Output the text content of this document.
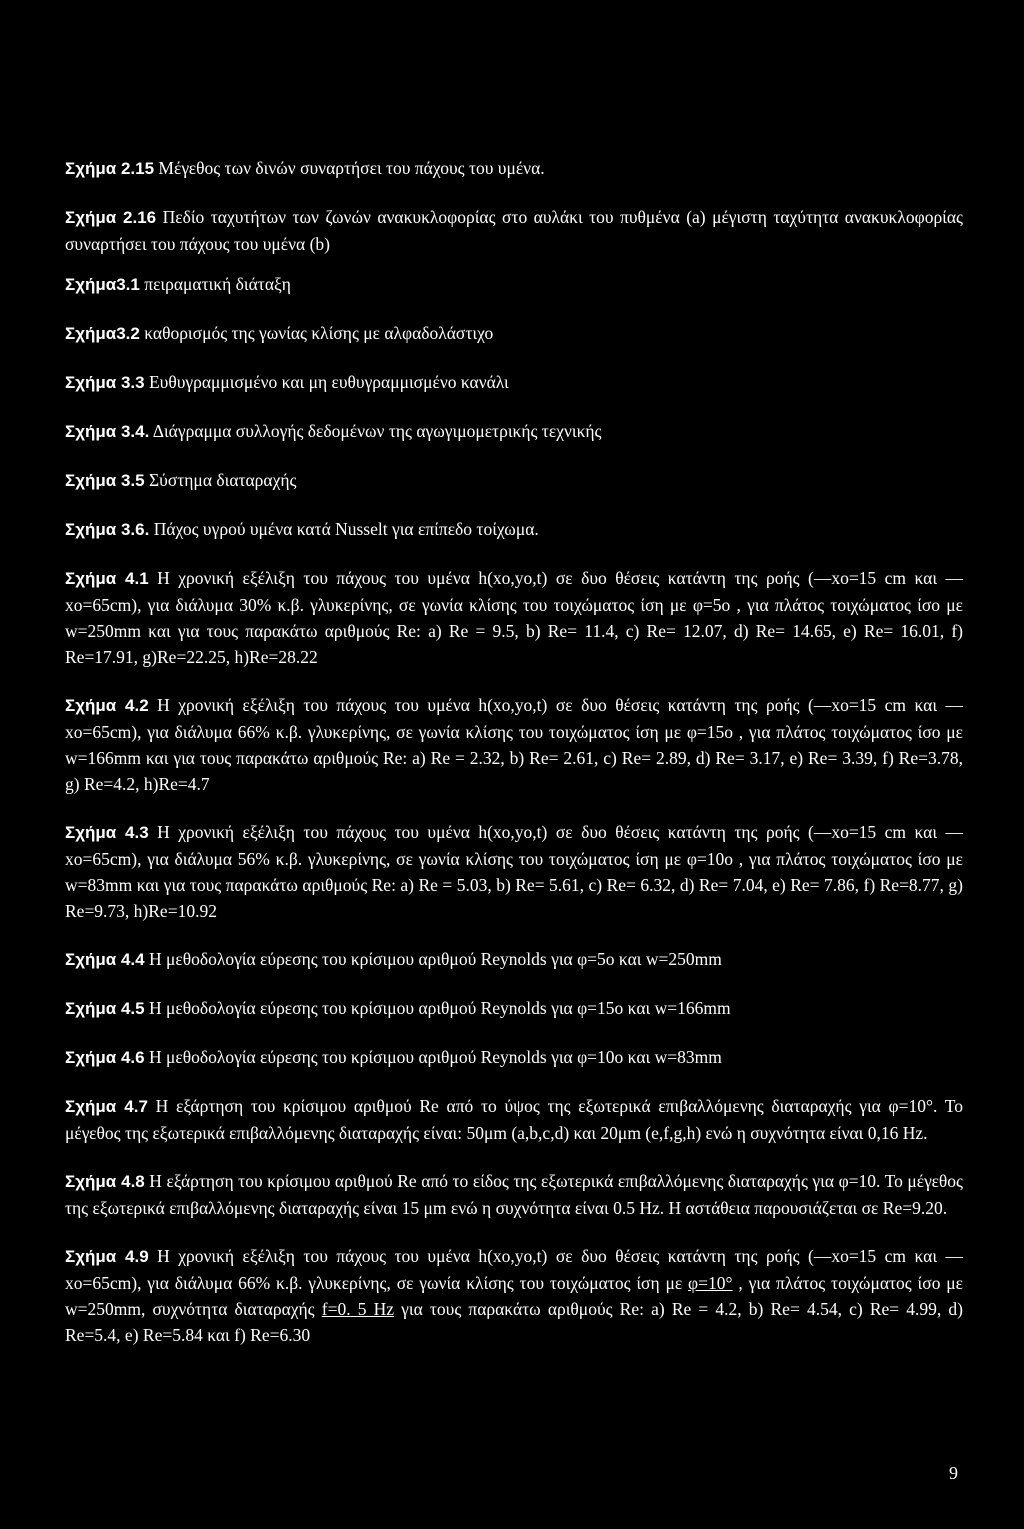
Σχήμα 2.15 Μέγεθος των δινών συναρτήσει του πάχους του υμένα.

Σχήμα 2.16 Πεδίο ταχυτήτων των ζωνών ανακυκλοφορίας στο αυλάκι του πυθμένα (a) μέγιστη ταχύτητα ανακυκλοφορίας συναρτήσει του πάχους του υμένα (b)

Σχήμα3.1 πειραματική διάταξη

Σχήμα3.2 καθορισμός της γωνίας κλίσης με αλφαδολάστιχο

Σχήμα 3.3 Ευθυγραμμισμένο και μη ευθυγραμμισμένο κανάλι

Σχήμα 3.4. Διάγραμμα συλλογής δεδομένων της αγωγιμομετρικής τεχνικής

Σχήμα 3.5 Σύστημα διαταραχής

Σχήμα 3.6. Πάχος υγρού υμένα κατά Nusselt για επίπεδο τοίχωμα.

Σχήμα 4.1 Η χρονική εξέλιξη του πάχους του υμένα h(xο,yο,t) σε δυο θέσεις κατάντη της ροής (—xο=15 cm και — xο=65cm), για διάλυμα 30% κ.β. γλυκερίνης, σε γωνία κλίσης του τοιχώματος ίση με φ=5ο , για πλάτος τοιχώματος ίσο με w=250mm και για τους παρακάτω αριθμούς Re: a) Re = 9.5, b) Re= 11.4, c) Re= 12.07, d) Re= 14.65, e) Re= 16.01, f) Re=17.91, g)Re=22.25, h)Re=28.22

Σχήμα 4.2 Η χρονική εξέλιξη του πάχους του υμένα h(xο,yο,t) σε δυο θέσεις κατάντη της ροής (—xο=15 cm και — xο=65cm), για διάλυμα 66% κ.β. γλυκερίνης, σε γωνία κλίσης του τοιχώματος ίση με φ=15ο , για πλάτος τοιχώματος ίσο με w=166mm και για τους παρακάτω αριθμούς Re: a) Re = 2.32, b) Re= 2.61, c) Re= 2.89, d) Re= 3.17, e) Re= 3.39, f) Re=3.78, g) Re=4.2, h)Re=4.7

Σχήμα 4.3 Η χρονική εξέλιξη του πάχους του υμένα h(xo,yo,t) σε δυο θέσεις κατάντη της ροής (—xo=15 cm και — xo=65cm), για διάλυμα 56% κ.β. γλυκερίνης, σε γωνία κλίσης του τοιχώματος ίση με φ=10o , για πλάτος τοιχώματος ίσο με w=83mm και για τους παρακάτω αριθμούς Re: a) Re = 5.03, b) Re= 5.61, c) Re= 6.32, d) Re= 7.04, e) Re= 7.86, f) Re=8.77, g) Re=9.73, h)Re=10.92

Σχήμα 4.4 Η μεθοδολογία εύρεσης του κρίσιμου αριθμού Reynolds για φ=5ο και w=250mm

Σχήμα 4.5 Η μεθοδολογία εύρεσης του κρίσιμου αριθμού Reynolds για φ=15ο και w=166mm

Σχήμα 4.6 Η μεθοδολογία εύρεσης του κρίσιμου αριθμού Reynolds για φ=10ο και w=83mm

Σχήμα 4.7 Η εξάρτηση του κρίσιμου αριθμού Re από το ύψος της εξωτερικά επιβαλλόμενης διαταραχής για φ=10°. Το μέγεθος της εξωτερικά επιβαλλόμενης διαταραχής είναι: 50μm (a,b,c,d) και 20μm (e,f,g,h) ενώ η συχνότητα είναι 0,16 Hz.

Σχήμα 4.8 Η εξάρτηση του κρίσιμου αριθμού Re από το είδος της εξωτερικά επιβαλλόμενης διαταραχής για φ=10. Το μέγεθος της εξωτερικά επιβαλλόμενης διαταραχής είναι 15 μm ενώ η συχνότητα είναι 0.5 Hz. Η αστάθεια παρουσιάζεται σε Re=9.20.

Σχήμα 4.9 Η χρονική εξέλιξη του πάχους του υμένα h(xo,yo,t) σε δυο θέσεις κατάντη της ροής (—xo=15 cm και — xo=65cm), για διάλυμα 66% κ.β. γλυκερίνης, σε γωνία κλίσης του τοιχώματος ίση με φ=10° , για πλάτος τοιχώματος ίσο με w=250mm, συχνότητα διαταραχής f=0. 5 Hz για τους παρακάτω αριθμούς Re: a) Re = 4.2, b) Re= 4.54, c) Re= 4.99, d) Re=5.4, e) Re=5.84 και f) Re=6.30

9
